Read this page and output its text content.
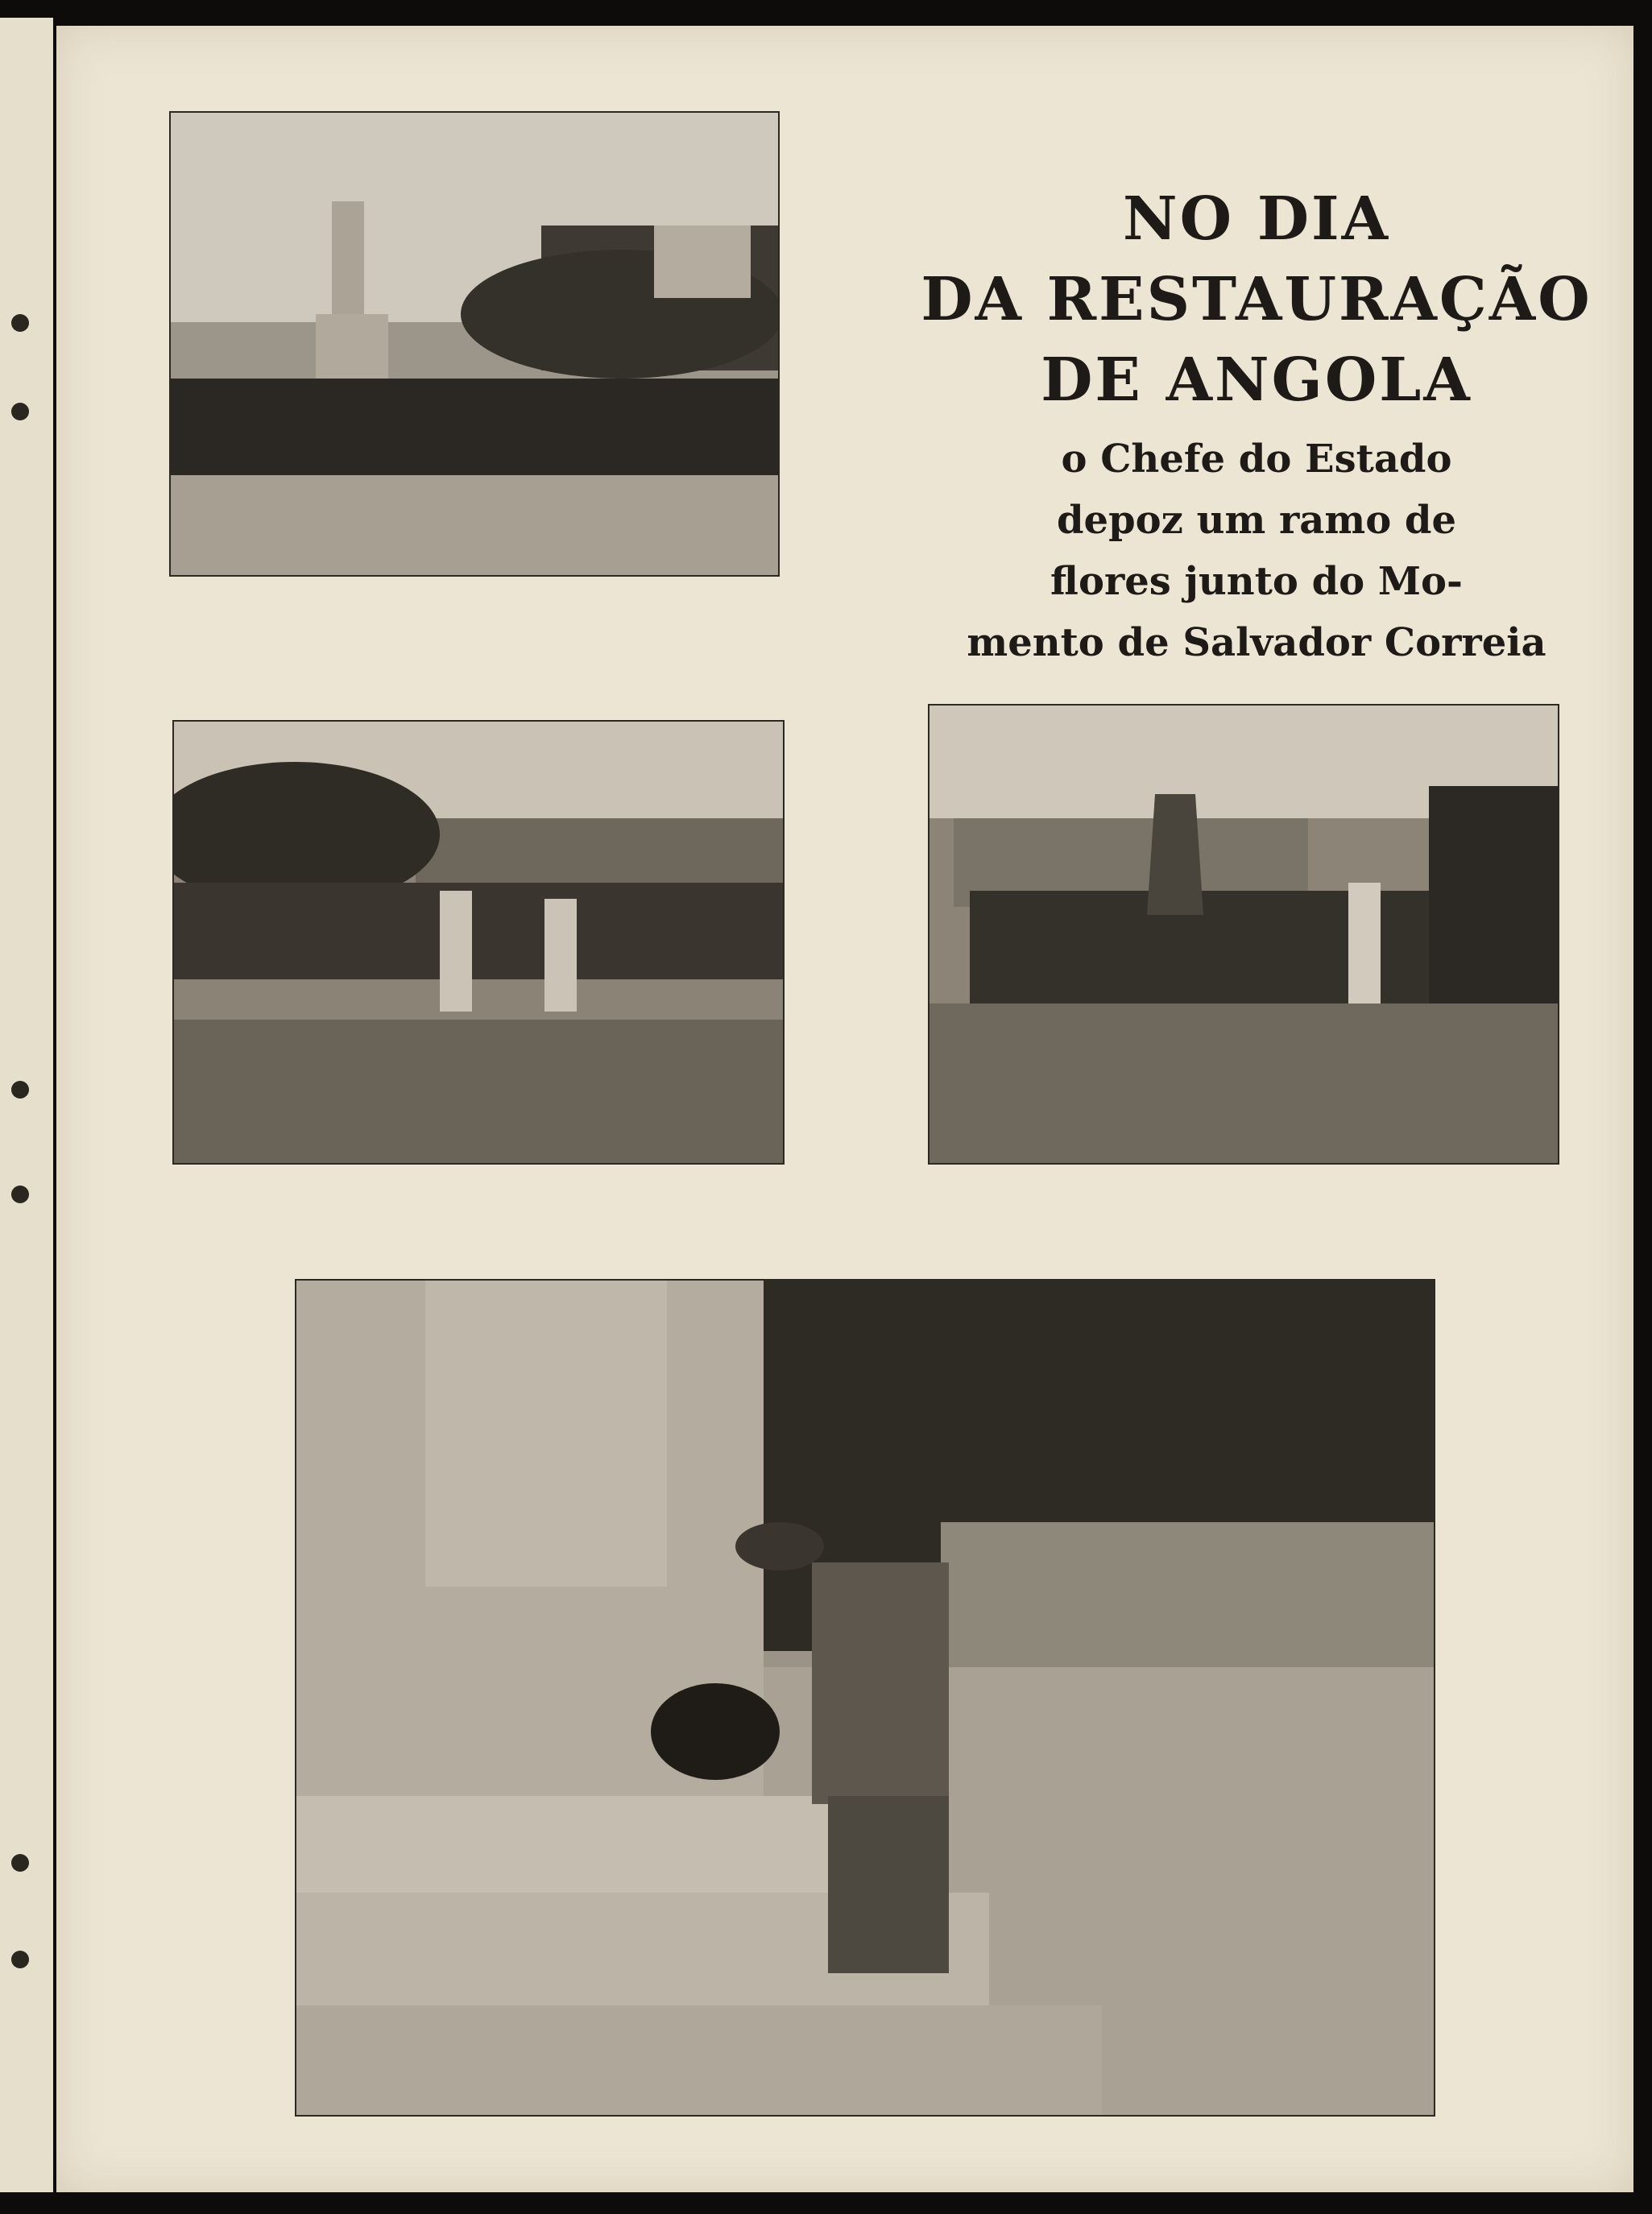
NO DIA
DA RESTAURAÇÃO
DE ANGOLA
o Chefe do Estado
depoz um ramo de
flores junto do Mo-
mento de Salvador Correia
